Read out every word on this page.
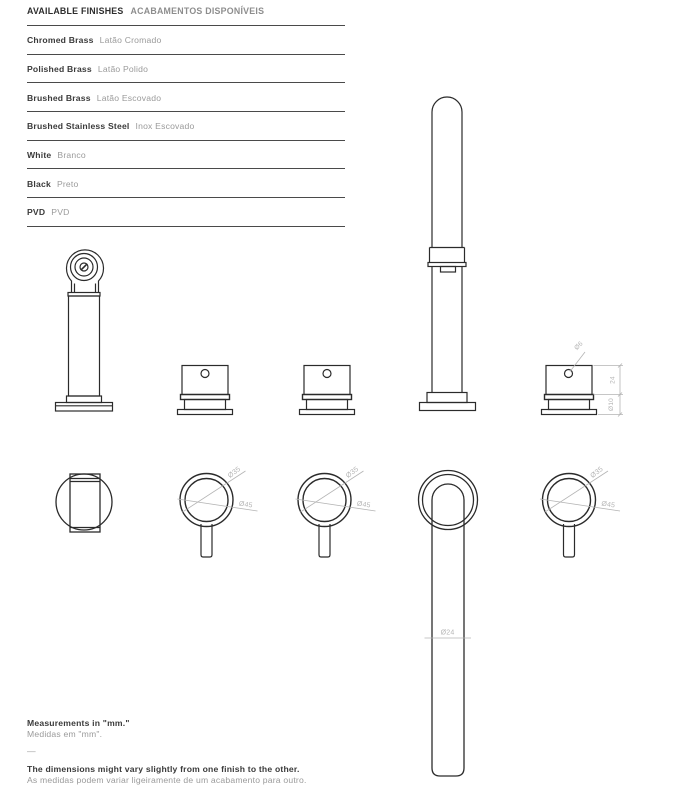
AVAILABLE FINISHES ACABAMENTOS DISPONÍVEIS
Chromed Brass Latão Cromado
Polished Brass Latão Polido
Brushed Brass Latão Escovado
Brushed Stainless Steel Inox Escovado
White Branco
Black Preto
PVD PVD
Ø6
24
Ø10
Ø35
Ø45
Ø35
Ø45
Ø24
Ø35
Ø45
Measurements in "mm."
Medidas em "mm".
—
The dimensions might vary slightly from one finish to the other.
As medidas podem variar ligeiramente de um acabamento para outro.
